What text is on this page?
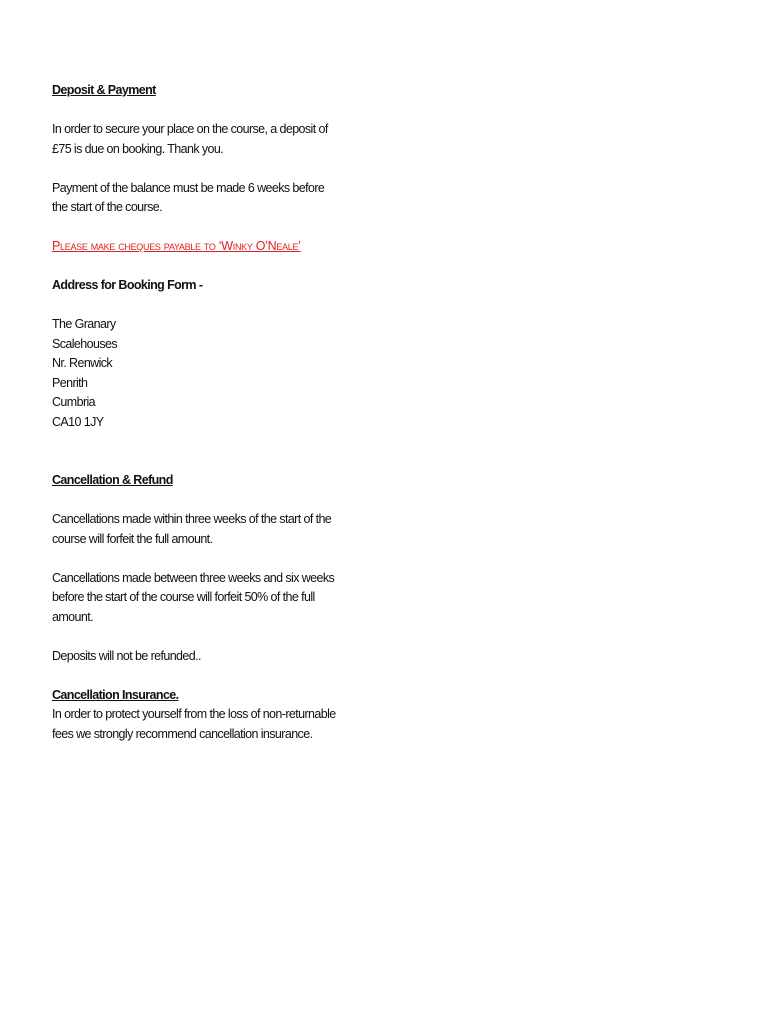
Deposit & Payment

In order to secure your place on the course, a deposit of £75 is due on booking. Thank you.

Payment of the balance must be made 6 weeks before the start of the course.

Please make cheques payable to ‘Winky O’Neale’

Address for Booking Form -

The Granary
Scalehouses
Nr. Renwick
Penrith
Cumbria
CA10 1JY

Cancellation & Refund

Cancellations made within three weeks of the start of the course will forfeit the full amount.

Cancellations made between three weeks and six weeks before the start of the course will forfeit 50% of the full amount.

Deposits will not be refunded..

Cancellation Insurance.

In order to protect yourself from the loss of non-returnable fees we strongly recommend cancellation insurance.
